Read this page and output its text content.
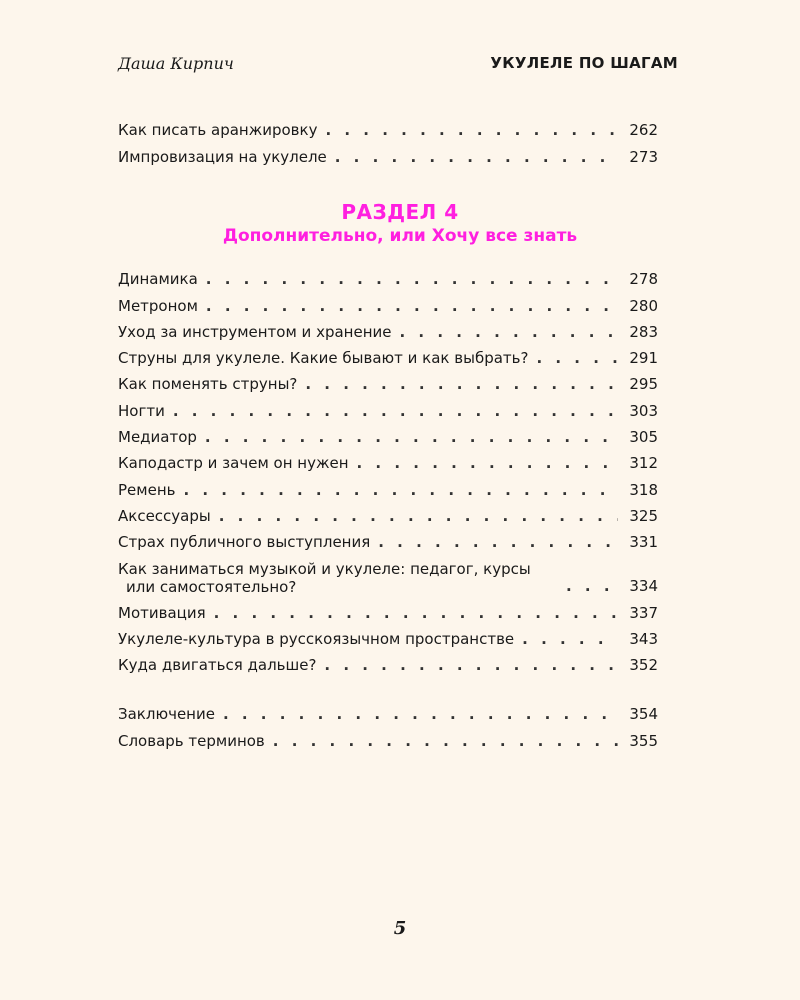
Даша Кирпич	УКУЛЕЛЕ ПО ШАГАМ
Как писать аранжировку . . .	262
Импровизация на укулеле . . .	273
РАЗДЕЛ 4
Дополнительно, или Хочу все знать
Динамика . . .	278
Метроном . . .	280
Уход за инструментом и хранение . . .	283
Струны для укулеле. Какие бывают и как выбрать? . . .	291
Как поменять струны? . . .	295
Ногти . . .	303
Медиатор . . .	305
Каподастр и зачем он нужен . . .	312
Ремень . . .	318
Аксессуары . . .	325
Страх публичного выступления . . .	331
Как заниматься музыкой и укулеле: педагог, курсы
или самостоятельно? . . .	334
Мотивация . . .	337
Укулеле-культура в русскоязычном пространстве . . .	343
Куда двигаться дальше? . . .	352
Заключение . . .	354
Словарь терминов . . .	355
5
